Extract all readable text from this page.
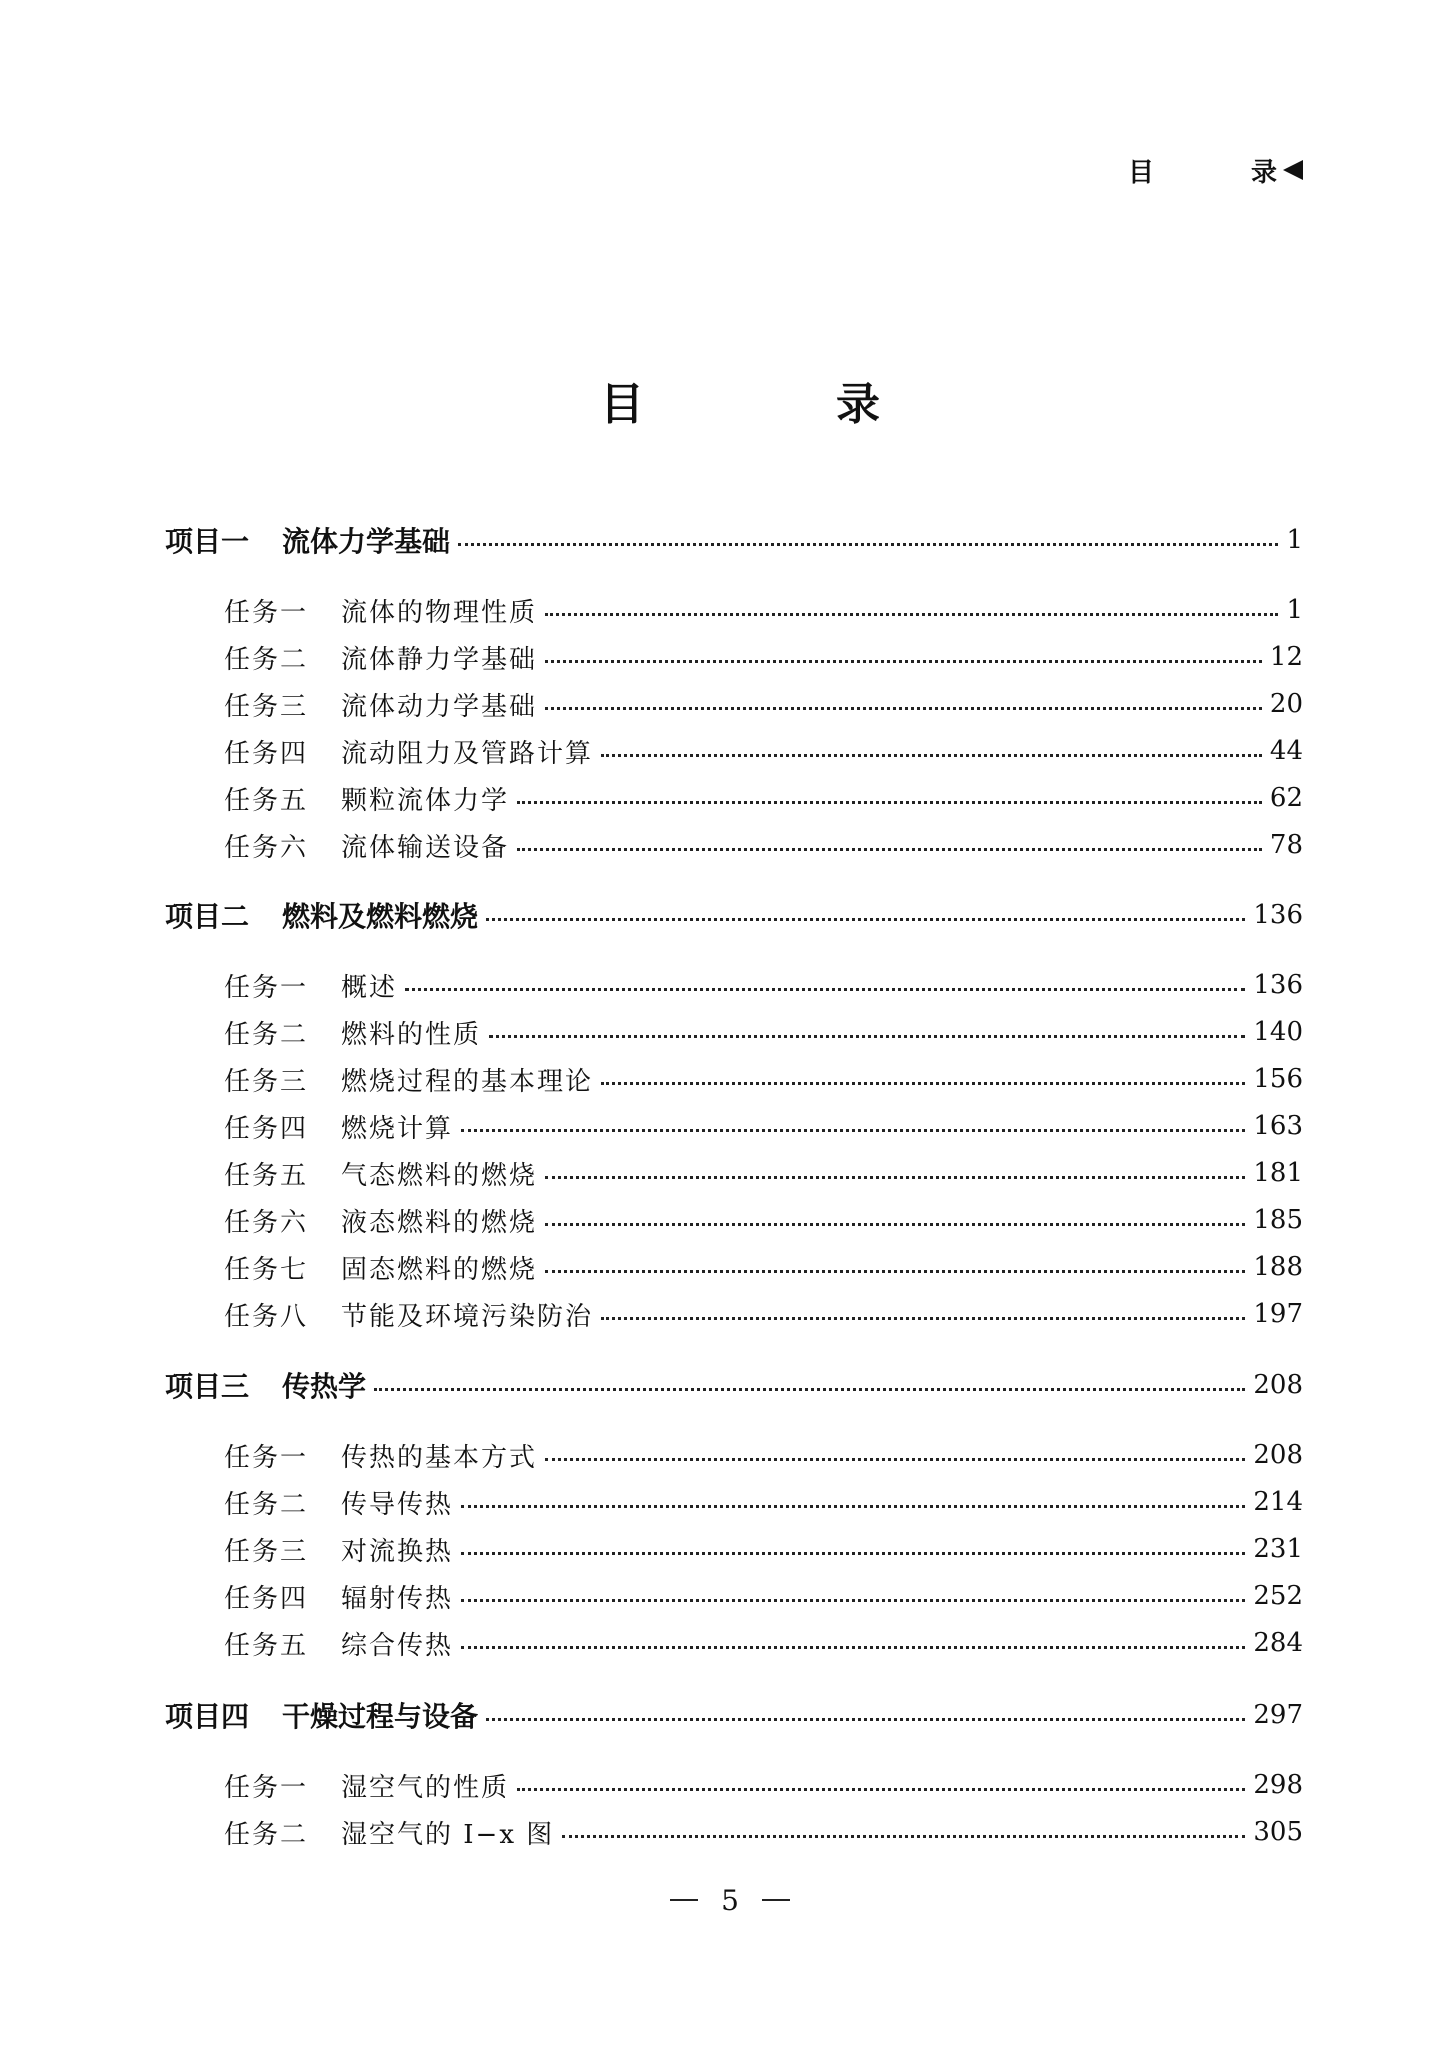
目	录
目	录
项目一 流体力学基础	1
任务一 流体的物理性质	1
任务二 流体静力学基础	12
任务三 流体动力学基础	20
任务四 流动阻力及管路计算	44
任务五 颗粒流体力学	62
任务六 流体输送设备	78
项目二 燃料及燃料燃烧	136
任务一 概述	136
任务二 燃料的性质	140
任务三 燃烧过程的基本理论	156
任务四 燃烧计算	163
任务五 气态燃料的燃烧	181
任务六 液态燃料的燃烧	185
任务七 固态燃料的燃烧	188
任务八 节能及环境污染防治	197
项目三 传热学	208
任务一 传热的基本方式	208
任务二 传导传热	214
任务三 对流换热	231
任务四 辐射传热	252
任务五 综合传热	284
项目四 干燥过程与设备	297
任务一 湿空气的性质	298
任务二 湿空气的 I−x 图	305
5
